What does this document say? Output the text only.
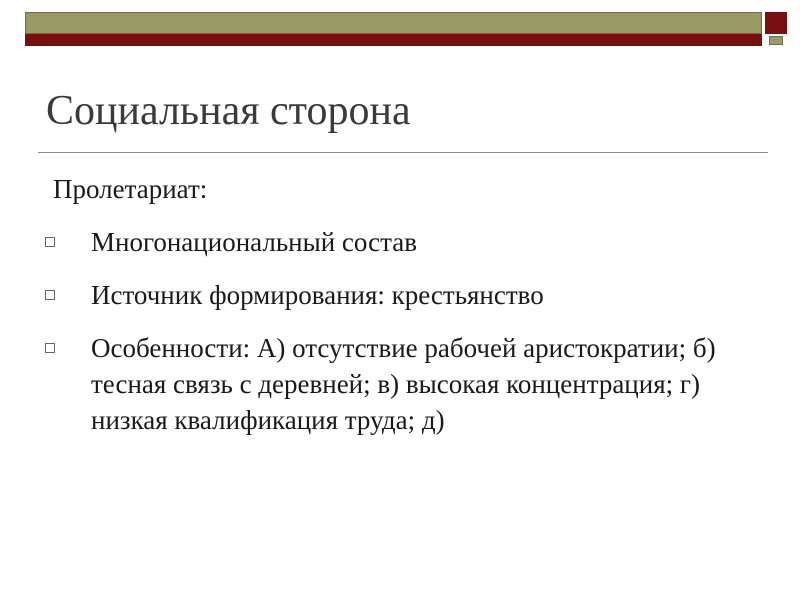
Социальная сторона
Пролетариат:
Многонациональный состав
Источник формирования: крестьянство
Особенности: А) отсутствие рабочей аристократии; б) тесная связь с деревней; в) высокая концентрация; г) низкая квалификация труда; д)
